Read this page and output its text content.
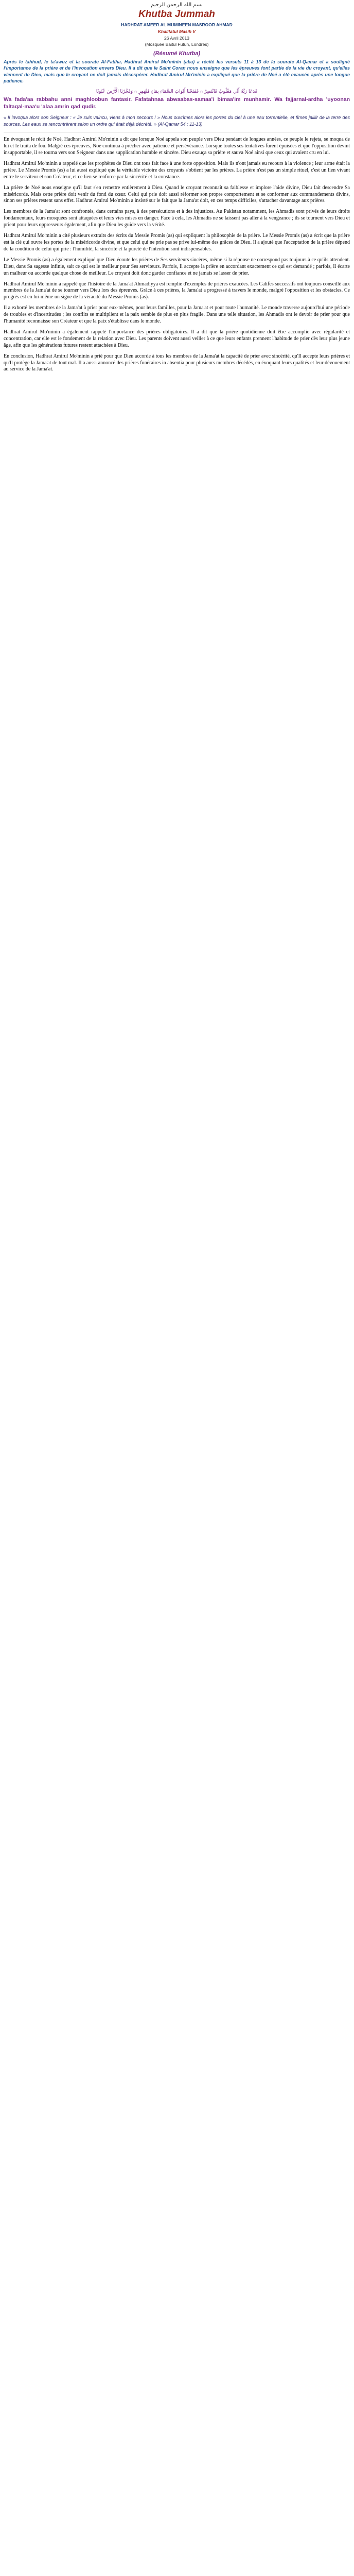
بسم الله الرحمن الرحيم
Khutba Jummah
HADHRAT AMEER AL MUMINEEN MASROOR AHMAD
Khalifatul Masih V
26 Avril 2013
(Mosquée Baitul Futuh, Londres)
(Résumé Khutba)

Après le tahhud, le ta'awuz et la sourate Al-Fatiha, Hadhrat Amirul Mo'minin (aba) a récité les versets 11 à 13 de la sourate Al-Qamar et a souligné l'importance de la prière et de l'invocation envers Dieu. Il a dit que le Saint Coran nous enseigne que les épreuves font partie de la vie du croyant, qu'elles viennent de Dieu, mais que le croyant ne doit jamais désespérer. Hadhrat Amirul Mo'minin a expliqué que la prière de Noé a été exaucée après une longue patience.

فَدَعَا رَبَّهُ أَنِّي مَغْلُوبٌ فَانْتَصِرْ ۞ فَفَتَحْنَا أَبْوَابَ السَّمَاءِ بِمَاءٍ مُنْهَمِرٍ ۞ وَفَجَّرْنَا الْأَرْضَ عُيُونًا
Wa fada'aa rabbahu anni maghloobun fantasir. Fafatahnaa abwaabas-samaa'i bimaa'im munhamir. Wa fajjarnal-ardha 'uyoonan faltaqal-maa'u 'alaa amrin qad qudir.
« Il invoqua alors son Seigneur : « Je suis vaincu, viens à mon secours ! » Nous ouvrîmes alors les portes du ciel à une eau torrentielle, et fîmes jaillir de la terre des sources. Les eaux se rencontrèrent selon un ordre qui était déjà décrété. » (Al-Qamar 54 : 11-13)

En évoquant le récit de Noé, Hadhrat Amirul Mo'minin a dit que lorsque Noé appela son peuple vers Dieu pendant de longues années, ce peuple le rejeta, se moqua de lui et le traita de fou. Malgré ces épreuves, Noé continua à prêcher avec patience et persévérance. Lorsque toutes ses tentatives furent épuisées et que l'opposition devint insupportable, il se tourna vers son Seigneur dans une supplication humble et sincère. Dieu exauça sa prière et sauva Noé ainsi que ceux qui avaient cru en lui.

Hadhrat Amirul Mo'minin a rappelé que les prophètes de Dieu ont tous fait face à une forte opposition. Mais ils n'ont jamais eu recours à la violence ; leur arme était la prière. Le Messie Promis (as) a lui aussi expliqué que la véritable victoire des croyants s'obtient par les prières. La prière n'est pas un simple rituel, c'est un lien vivant entre le serviteur et son Créateur, et ce lien se renforce par la sincérité et la constance.

La prière de Noé nous enseigne qu'il faut s'en remettre entièrement à Dieu. Quand le croyant reconnaît sa faiblesse et implore l'aide divine, Dieu fait descendre Sa miséricorde. Mais cette prière doit venir du fond du cœur. Celui qui prie doit aussi réformer son propre comportement et se conformer aux commandements divins, sinon ses prières restent sans effet. Hadhrat Amirul Mo'minin a insisté sur le fait que la Jama'at doit, en ces temps difficiles, s'attacher davantage aux prières.

Les membres de la Jama'at sont confrontés, dans certains pays, à des persécutions et à des injustices. Au Pakistan notamment, les Ahmadis sont privés de leurs droits fondamentaux, leurs mosquées sont attaquées et leurs vies mises en danger. Face à cela, les Ahmadis ne se laissent pas aller à la vengeance ; ils se tournent vers Dieu et prient pour leurs oppresseurs également, afin que Dieu les guide vers la vérité.

Hadhrat Amirul Mo'minin a cité plusieurs extraits des écrits du Messie Promis (as) qui expliquent la philosophie de la prière. Le Messie Promis (as) a écrit que la prière est la clé qui ouvre les portes de la miséricorde divine, et que celui qui ne prie pas se prive lui-même des grâces de Dieu. Il a ajouté que l'acceptation de la prière dépend de la condition de celui qui prie : l'humilité, la sincérité et la pureté de l'intention sont indispensables.

Le Messie Promis (as) a également expliqué que Dieu écoute les prières de Ses serviteurs sincères, même si la réponse ne correspond pas toujours à ce qu'ils attendent. Dieu, dans Sa sagesse infinie, sait ce qui est le meilleur pour Ses serviteurs. Parfois, Il accepte la prière en accordant exactement ce qui est demandé ; parfois, Il écarte un malheur ou accorde quelque chose de meilleur. Le croyant doit donc garder confiance et ne jamais se lasser de prier.

Hadhrat Amirul Mo'minin a rappelé que l'histoire de la Jama'at Ahmadiyya est remplie d'exemples de prières exaucées. Les Califes successifs ont toujours conseillé aux membres de la Jama'at de se tourner vers Dieu lors des épreuves. Grâce à ces prières, la Jama'at a progressé à travers le monde, malgré l'opposition et les obstacles. Ce progrès est en lui-même un signe de la véracité du Messie Promis (as).

Il a exhorté les membres de la Jama'at à prier pour eux-mêmes, pour leurs familles, pour la Jama'at et pour toute l'humanité. Le monde traverse aujourd'hui une période de troubles et d'incertitudes ; les conflits se multiplient et la paix semble de plus en plus fragile. Dans une telle situation, les Ahmadis ont le devoir de prier pour que l'humanité reconnaisse son Créateur et que la paix s'établisse dans le monde.

Hadhrat Amirul Mo'minin a également rappelé l'importance des prières obligatoires. Il a dit que la prière quotidienne doit être accomplie avec régularité et concentration, car elle est le fondement de la relation avec Dieu. Les parents doivent aussi veiller à ce que leurs enfants prennent l'habitude de prier dès leur plus jeune âge, afin que les générations futures restent attachées à Dieu.

En conclusion, Hadhrat Amirul Mo'minin a prié pour que Dieu accorde à tous les membres de la Jama'at la capacité de prier avec sincérité, qu'Il accepte leurs prières et qu'Il protège la Jama'at de tout mal. Il a aussi annoncé des prières funéraires in absentia pour plusieurs membres décédés, en évoquant leurs qualités et leur dévouement au service de la Jama'at.
